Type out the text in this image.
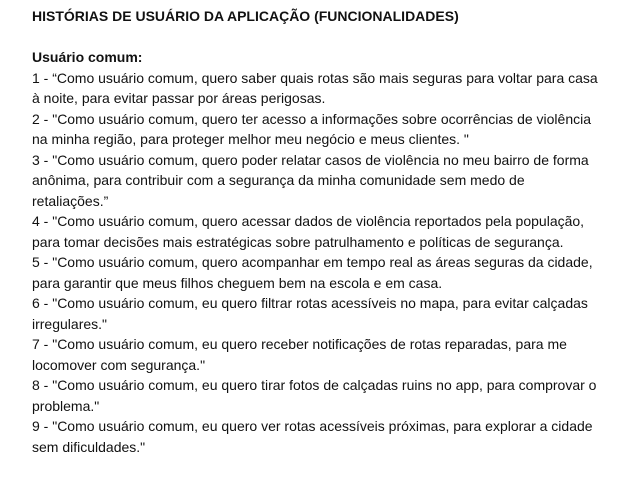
HISTÓRIAS DE USUÁRIO DA APLICAÇÃO (FUNCIONALIDADES)

Usuário comum:

1 - “Como usuário comum, quero saber quais rotas são mais seguras para voltar para casa à noite, para evitar passar por áreas perigosas.

2 - "Como usuário comum, quero ter acesso a informações sobre ocorrências de violência na minha região, para proteger melhor meu negócio e meus clientes. "

3 - "Como usuário comum, quero poder relatar casos de violência no meu bairro de forma anônima, para contribuir com a segurança da minha comunidade sem medo de retaliações.”

4 - "Como usuário comum, quero acessar dados de violência reportados pela população, para tomar decisões mais estratégicas sobre patrulhamento e políticas de segurança.

5 - "Como usuário comum, quero acompanhar em tempo real as áreas seguras da cidade, para garantir que meus filhos cheguem bem na escola e em casa.

6 - "Como usuário comum, eu quero filtrar rotas acessíveis no mapa, para evitar calçadas irregulares."

7 - "Como usuário comum, eu quero receber notificações de rotas reparadas, para me locomover com segurança."

8 - "Como usuário comum, eu quero tirar fotos de calçadas ruins no app, para comprovar o problema."

9 - "Como usuário comum, eu quero ver rotas acessíveis próximas, para explorar a cidade sem dificuldades."
